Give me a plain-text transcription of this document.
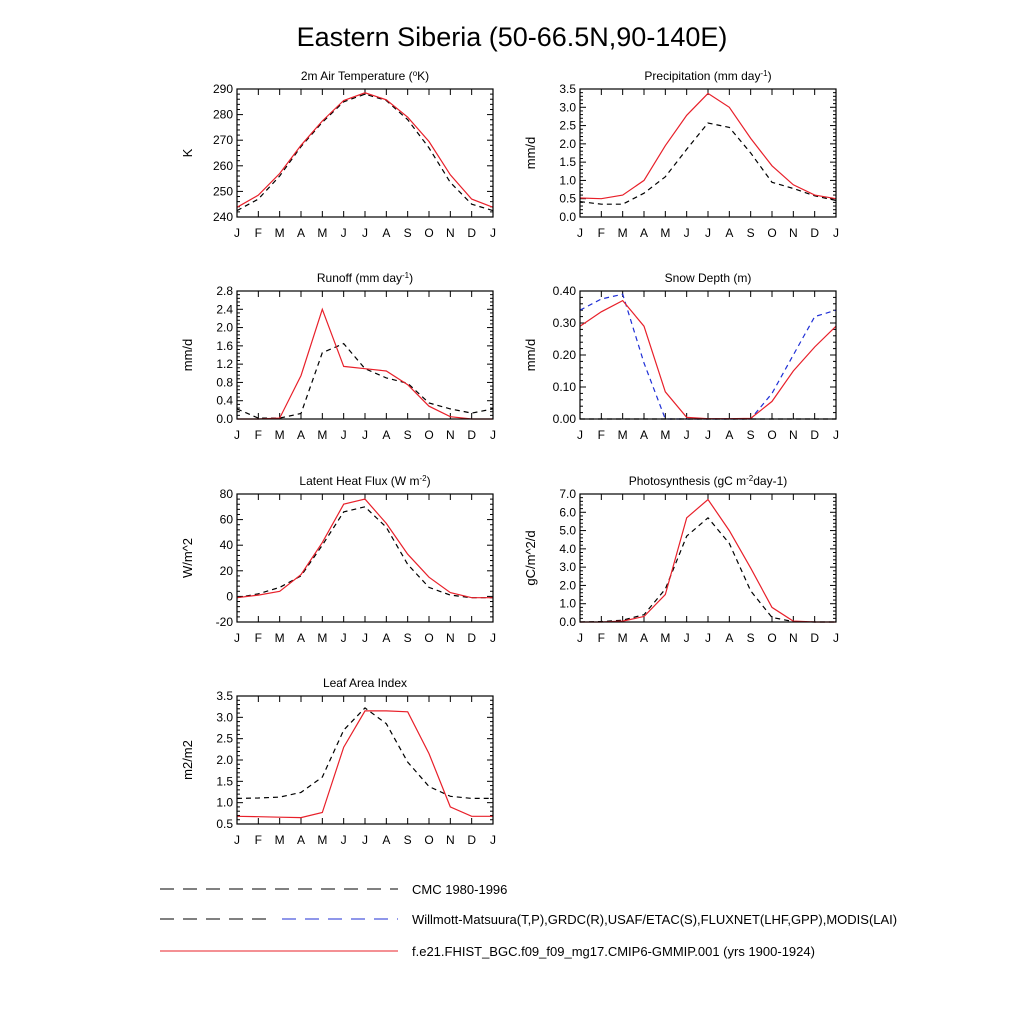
Eastern Siberia (50-66.5N,90-140E)
2m Air Temperature ($^o$K)
K
240
250
260
270
280
290
J F M A M J J A S O N D J
Precipitation (mm day$^{-1}$)
mm/d
0.0
0.5
1.0
1.5
2.0
2.5
3.0
3.5
J F M A M J J A S O N D J
Runoff (mm day$^{-1}$)
mm/d
0.0
0.4
0.8
1.2
1.6
2.0
2.4
2.8
J F M A M J J A S O N D J
Snow Depth (m)
mm/d
0.00
0.10
0.20
0.30
0.40
J F M A M J J A S O N D J
Latent Heat Flux (W $m^{-2}$)
W/m^2
-20
0
20
40
60
80
J F M A M J J A S O N D J
Photosynthesis (gC $m^{-2}day-1$)
gC/m^2/d
0.0
1.0
2.0
3.0
4.0
5.0
6.0
7.0
J F M A M J J A S O N D J
Leaf Area Index
m2/m2
0.5
1.0
1.5
2.0
2.5
3.0
3.5
J F M A M J J A S O N D J
CMC 1980-1996
Willmott-Matsuura(T,P),GRDC(R),USAF/ETAC(S),FLUXNET(LHF,GPP),MODIS(LAI)
f.e21.FHIST_BGC.f09_f09_mg17.CMIP6-GMMIP.001 (yrs 1900-1924)
